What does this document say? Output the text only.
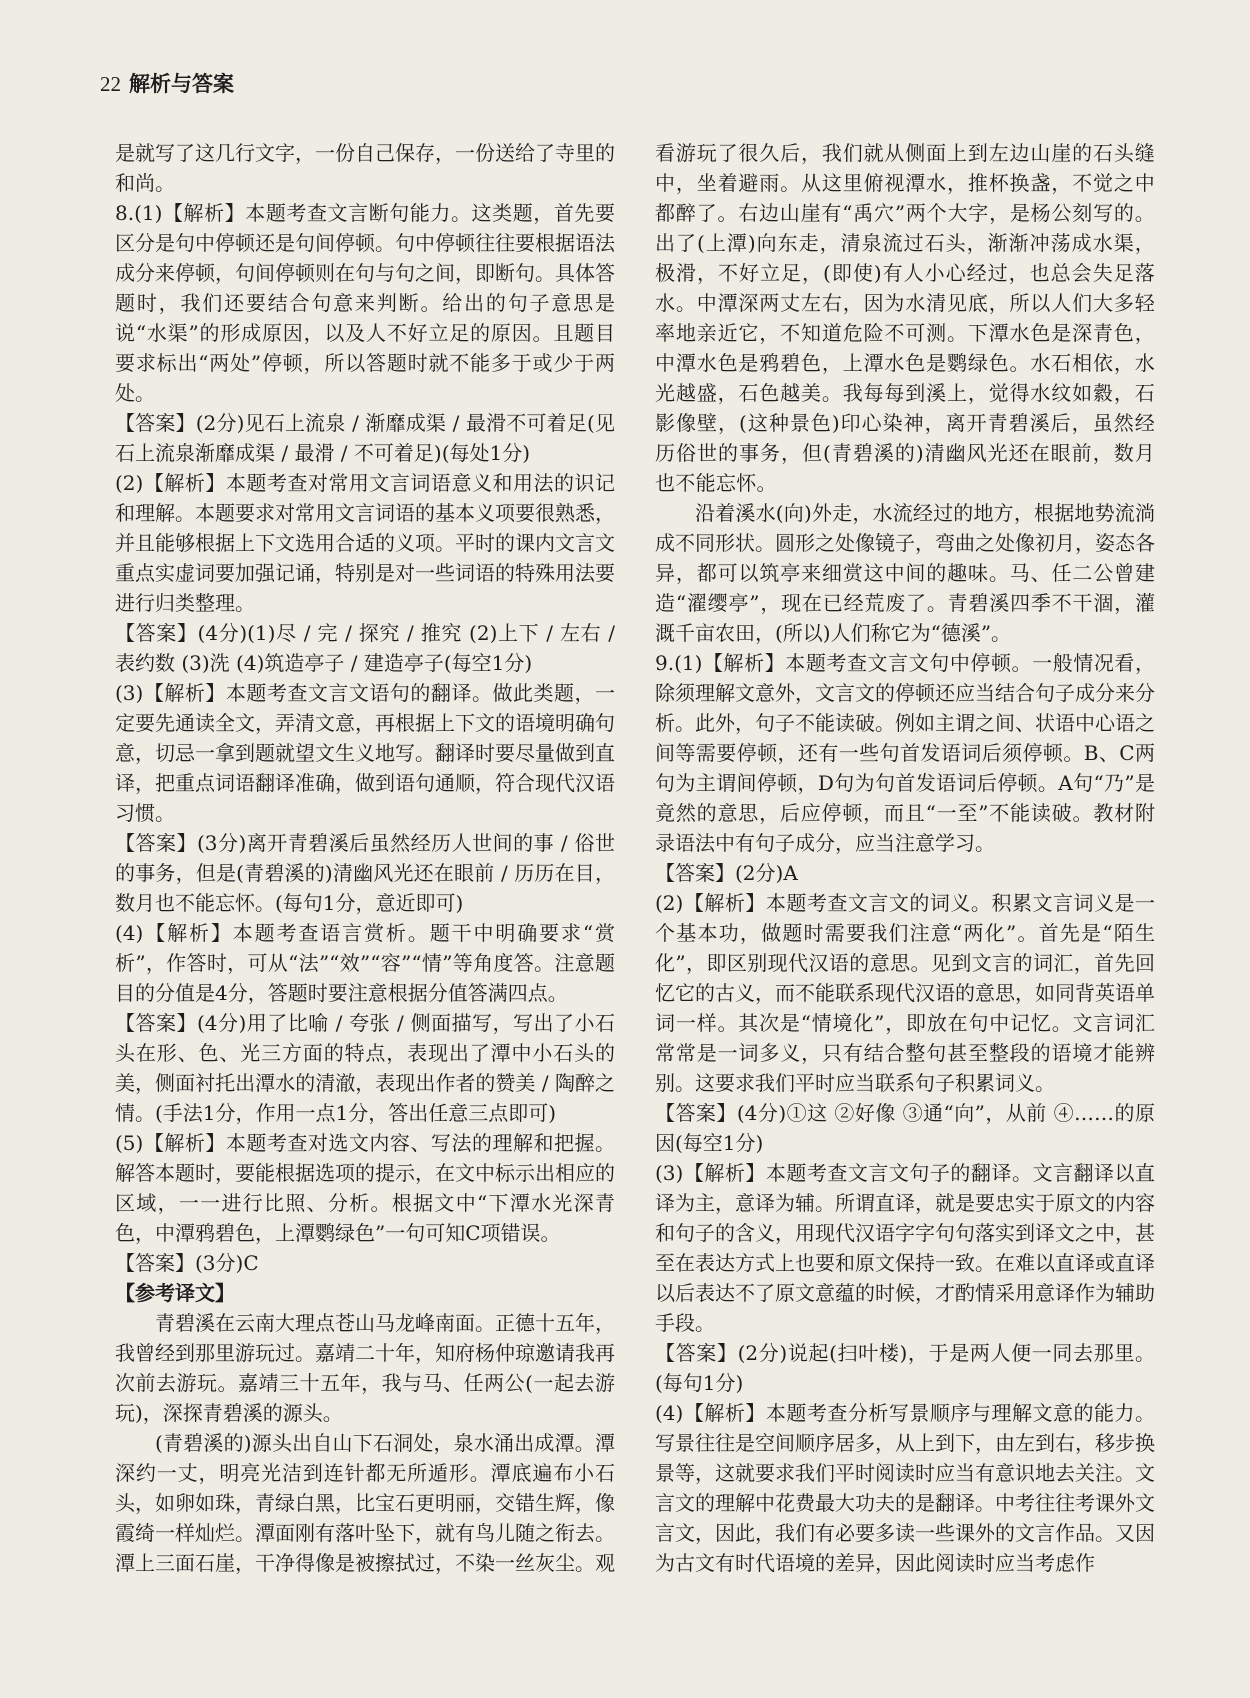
22 解析与答案

是就写了这几行文字，一份自己保存，一份送给了寺里的和尚。

8.(1)【解析】本题考查文言断句能力。这类题，首先要区分是句中停顿还是句间停顿。句中停顿往往要根据语法成分来停顿，句间停顿则在句与句之间，即断句。具体答题时，我们还要结合句意来判断。给出的句子意思是说“水渠”的形成原因，以及人不好立足的原因。且题目要求标出“两处”停顿，所以答题时就不能多于或少于两处。

【答案】(2分)见石上流泉 / 渐靡成渠 / 最滑不可着足(见石上流泉渐靡成渠 / 最滑 / 不可着足)(每处1分)

(2)【解析】本题考查对常用文言词语意义和用法的识记和理解。本题要求对常用文言词语的基本义项要很熟悉，并且能够根据上下文选用合适的义项。平时的课内文言文重点实虚词要加强记诵，特别是对一些词语的特殊用法要进行归类整理。

【答案】(4分)(1)尽 / 完 / 探究 / 推究 (2)上下 / 左右 / 表约数 (3)洗 (4)筑造亭子 / 建造亭子(每空1分)

(3)【解析】本题考查文言文语句的翻译。做此类题，一定要先通读全文，弄清文意，再根据上下文的语境明确句意，切忌一拿到题就望文生义地写。翻译时要尽量做到直译，把重点词语翻译准确，做到语句通顺，符合现代汉语习惯。

【答案】(3分)离开青碧溪后虽然经历人世间的事 / 俗世的事务，但是(青碧溪的)清幽风光还在眼前 / 历历在目，数月也不能忘怀。(每句1分，意近即可)

(4)【解析】本题考查语言赏析。题干中明确要求“赏析”，作答时，可从“法”“效”“容”“情”等角度答。注意题目的分值是4分，答题时要注意根据分值答满四点。

【答案】(4分)用了比喻 / 夸张 / 侧面描写，写出了小石头在形、色、光三方面的特点，表现出了潭中小石头的美，侧面衬托出潭水的清澈，表现出作者的赞美 / 陶醉之情。(手法1分，作用一点1分，答出任意三点即可)

(5)【解析】本题考查对选文内容、写法的理解和把握。解答本题时，要能根据选项的提示，在文中标示出相应的区域，一一进行比照、分析。根据文中“下潭水光深青色，中潭鸦碧色，上潭鹦绿色”一句可知C项错误。

【答案】(3分)C

【参考译文】

青碧溪在云南大理点苍山马龙峰南面。正德十五年，我曾经到那里游玩过。嘉靖二十年，知府杨仲琼邀请我再次前去游玩。嘉靖三十五年，我与马、任两公(一起去游玩)，深探青碧溪的源头。

(青碧溪的)源头出自山下石洞处，泉水涌出成潭。潭深约一丈，明亮光洁到连针都无所遁形。潭底遍布小石头，如卵如珠，青绿白黑，比宝石更明丽，交错生辉，像霞绮一样灿烂。潭面刚有落叶坠下，就有鸟儿随之衔去。潭上三面石崖，干净得像是被擦拭过，不染一丝灰尘。观

看游玩了很久后，我们就从侧面上到左边山崖的石头缝中，坐着避雨。从这里俯视潭水，推杯换盏，不觉之中都醉了。右边山崖有“禹穴”两个大字，是杨公刻写的。出了(上潭)向东走，清泉流过石头，渐渐冲荡成水渠，极滑，不好立足，(即使)有人小心经过，也总会失足落水。中潭深两丈左右，因为水清见底，所以人们大多轻率地亲近它，不知道危险不可测。下潭水色是深青色，中潭水色是鸦碧色，上潭水色是鹦绿色。水石相依，水光越盛，石色越美。我每每到溪上，觉得水纹如縠，石影像壁，(这种景色)印心染神，离开青碧溪后，虽然经历俗世的事务，但(青碧溪的)清幽风光还在眼前，数月也不能忘怀。

沿着溪水(向)外走，水流经过的地方，根据地势流淌成不同形状。圆形之处像镜子，弯曲之处像初月，姿态各异，都可以筑亭来细赏这中间的趣味。马、任二公曾建造“濯缨亭”，现在已经荒废了。青碧溪四季不干涸，灌溉千亩农田，(所以)人们称它为“德溪”。

9.(1)【解析】本题考查文言文句中停顿。一般情况看，除须理解文意外，文言文的停顿还应当结合句子成分来分析。此外，句子不能读破。例如主谓之间、状语中心语之间等需要停顿，还有一些句首发语词后须停顿。B、C两句为主谓间停顿，D句为句首发语词后停顿。A句“乃”是竟然的意思，后应停顿，而且“一至”不能读破。教材附录语法中有句子成分，应当注意学习。

【答案】(2分)A

(2)【解析】本题考查文言文的词义。积累文言词义是一个基本功，做题时需要我们注意“两化”。首先是“陌生化”，即区别现代汉语的意思。见到文言的词汇，首先回忆它的古义，而不能联系现代汉语的意思，如同背英语单词一样。其次是“情境化”，即放在句中记忆。文言词汇常常是一词多义，只有结合整句甚至整段的语境才能辨别。这要求我们平时应当联系句子积累词义。

【答案】(4分)①这 ②好像 ③通“向”，从前 ④……的原因(每空1分)

(3)【解析】本题考查文言文句子的翻译。文言翻译以直译为主，意译为辅。所谓直译，就是要忠实于原文的内容和句子的含义，用现代汉语字字句句落实到译文之中，甚至在表达方式上也要和原文保持一致。在难以直译或直译以后表达不了原文意蕴的时候，才酌情采用意译作为辅助手段。

【答案】(2分)说起(扫叶楼)，于是两人便一同去那里。(每句1分)

(4)【解析】本题考查分析写景顺序与理解文意的能力。写景往往是空间顺序居多，从上到下，由左到右，移步换景等，这就要求我们平时阅读时应当有意识地去关注。文言文的理解中花费最大功夫的是翻译。中考往往考课外文言文，因此，我们有必要多读一些课外的文言作品。又因为古文有时代语境的差异，因此阅读时应当考虑作
